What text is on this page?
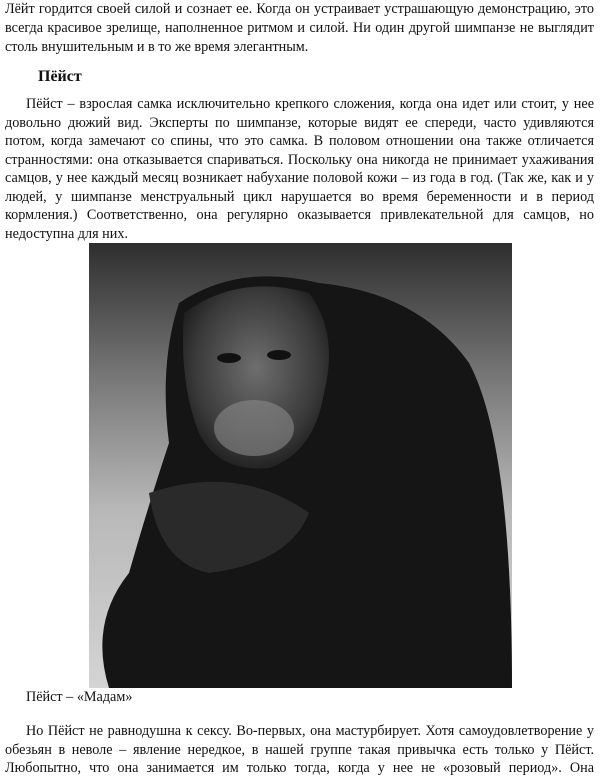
Лёйт гордится своей силой и сознает ее. Когда он устраивает устрашающую демонстрацию, это
всегда красивое зрелище, наполненное ритмом и силой. Ни один другой шимпанзе не выглядит
столь внушительным и в то же время элегантным.
Пёйст
Пёйст – взрослая самка исключительно крепкого сложения, когда она идет или стоит, у нее
довольно дюжий вид. Эксперты по шимпанзе, которые видят ее спереди, часто удивляются
потом, когда замечают со спины, что это самка. В половом отношении она также отличается
странностями: она отказывается спариваться. Поскольку она никогда не принимает ухаживания
самцов, у нее каждый месяц возникает набухание половой кожи – из года в год. (Так же, как и у
людей, у шимпанзе менструальный цикл нарушается во время беременности и в период
кормления.) Соответственно, она регулярно оказывается привлекательной для самцов, но
недоступна для них.
Пёйст – «Мадам»
Но Пёйст не равнодушна к сексу. Во-первых, она мастурбирует. Хотя самоудовлетворение у
обезьян в неволе – явление нередкое, в нашей группе такая привычка есть только у Пёйст.
Любопытно, что она занимается им только тогда, когда у нее не «розовый период». Она
